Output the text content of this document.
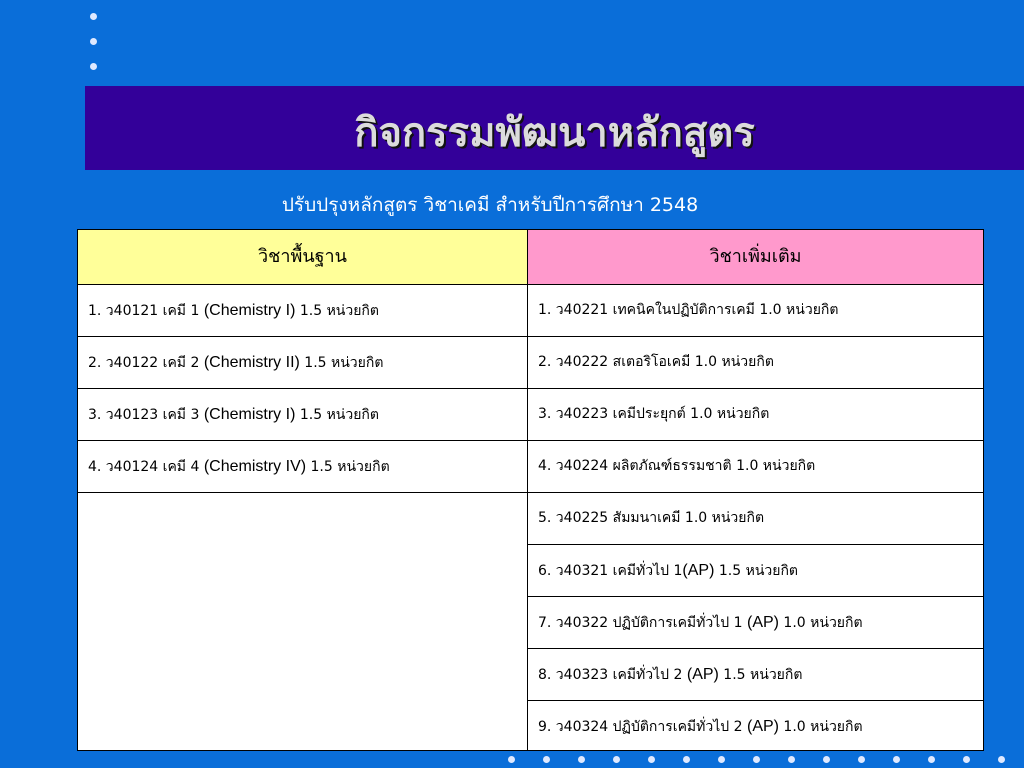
กิจกรรมพัฒนาหลักสูตร
ปรับปรุงหลักสูตร วิชาเคมี สำหรับปีการศึกษา 2548
วิชาพื้นฐาน
1. ว40121 เคมี 1 (Chemistry I) 1.5 หน่วยกิต
2. ว40122 เคมี 2 (Chemistry II) 1.5 หน่วยกิต
3. ว40123 เคมี 3 (Chemistry I) 1.5 หน่วยกิต
4. ว40124 เคมี 4 (Chemistry IV) 1.5 หน่วยกิต
วิชาเพิ่มเติม
1. ว40221 เทคนิคในปฏิบัติการเคมี 1.0 หน่วยกิต
2. ว40222 สเตอริโอเคมี 1.0 หน่วยกิต
3. ว40223 เคมีประยุกต์ 1.0 หน่วยกิต
4. ว40224 ผลิตภัณฑ์ธรรมชาติ 1.0 หน่วยกิต
5. ว40225 สัมมนาเคมี 1.0 หน่วยกิต
6. ว40321 เคมีทั่วไป 1(AP) 1.5 หน่วยกิต
7. ว40322 ปฏิบัติการเคมีทั่วไป 1 (AP) 1.0 หน่วยกิต
8. ว40323 เคมีทั่วไป 2 (AP) 1.5 หน่วยกิต
9. ว40324 ปฏิบัติการเคมีทั่วไป 2 (AP) 1.0 หน่วยกิต
